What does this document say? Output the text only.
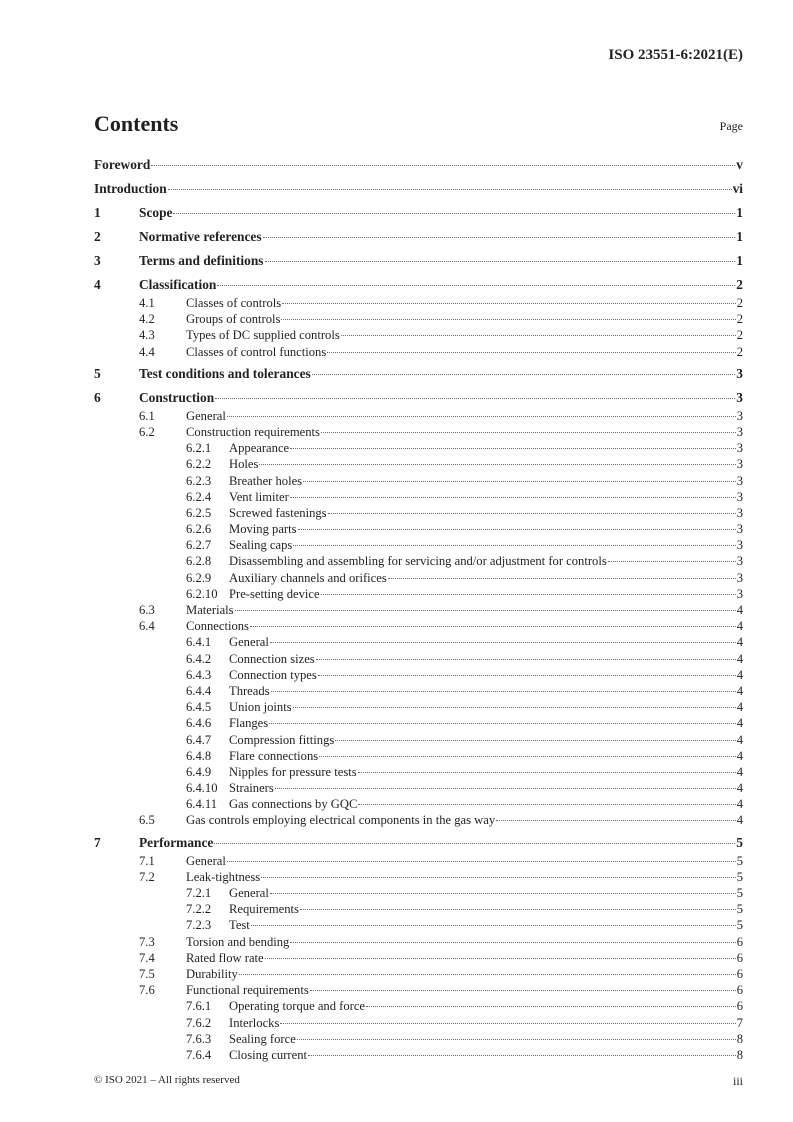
ISO 23551-6:2021(E)
Contents	Page
Foreword	v
Introduction	vi
1	Scope	1
2	Normative references	1
3	Terms and definitions	1
4	Classification	2
4.1	Classes of controls	2
4.2	Groups of controls	2
4.3	Types of DC supplied controls	2
4.4	Classes of control functions	2
5	Test conditions and tolerances	3
6	Construction	3
6.1	General	3
6.2	Construction requirements	3
6.2.1	Appearance	3
6.2.2	Holes	3
6.2.3	Breather holes	3
6.2.4	Vent limiter	3
6.2.5	Screwed fastenings	3
6.2.6	Moving parts	3
6.2.7	Sealing caps	3
6.2.8	Disassembling and assembling for servicing and/or adjustment for controls	3
6.2.9	Auxiliary channels and orifices	3
6.2.10 Pre-setting device	3
6.3	Materials	4
6.4	Connections	4
6.4.1	General	4
6.4.2	Connection sizes	4
6.4.3	Connection types	4
6.4.4	Threads	4
6.4.5	Union joints	4
6.4.6	Flanges	4
6.4.7	Compression fittings	4
6.4.8	Flare connections	4
6.4.9	Nipples for pressure tests	4
6.4.10 Strainers	4
6.4.11 Gas connections by GQC	4
6.5	Gas controls employing electrical components in the gas way	4
7	Performance	5
7.1	General	5
7.2	Leak-tightness	5
7.2.1	General	5
7.2.2	Requirements	5
7.2.3	Test	5
7.3	Torsion and bending	6
7.4	Rated flow rate	6
7.5	Durability	6
7.6	Functional requirements	6
7.6.1	Operating torque and force	6
7.6.2	Interlocks	7
7.6.3	Sealing force	8
7.6.4	Closing current	8
© ISO 2021 – All rights reserved	iii
